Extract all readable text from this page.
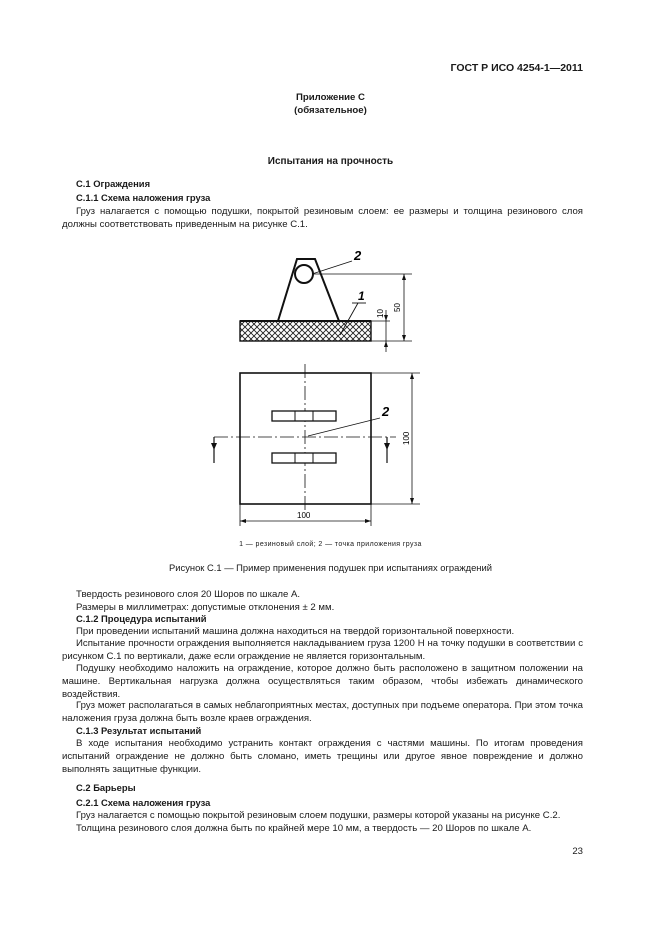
ГОСТ Р ИСО 4254-1—2011
Приложение С
(обязательное)
Испытания на прочность
С.1 Ограждения
С.1.1 Схема наложения груза
Груз налагается с помощью подушки, покрытой резиновым слоем: ее размеры и толщина резинового слоя должны соответствовать приведенным на рисунке С.1.
1
2
50
10
2
100
100
1 — резиновый слой; 2 — точка приложения груза
Рисунок С.1 — Пример применения подушек при испытаниях ограждений
Твердость резинового слоя 20 Шоров по шкале А.
Размеры в миллиметрах: допустимые отклонения ± 2 мм.
С.1.2 Процедура испытаний
При проведении испытаний машина должна находиться на твердой горизонтальной поверхности.
Испытание прочности ограждения выполняется накладыванием груза 1200 Н на точку подушки в соответствии с рисунком С.1 по вертикали, даже если ограждение не является горизонтальным.
Подушку необходимо наложить на ограждение, которое должно быть расположено в защитном положении на машине. Вертикальная нагрузка должна осуществляться таким образом, чтобы избежать динамического воздействия.
Груз может располагаться в самых неблагоприятных местах, доступных при подъеме оператора. При этом точка наложения груза должна быть возле краев ограждения.
С.1.3 Результат испытаний
В ходе испытания необходимо устранить контакт ограждения с частями машины. По итогам проведения испытаний ограждение не должно быть сломано, иметь трещины или другое явное повреждение и должно выполнять защитные функции.
С.2 Барьеры
С.2.1 Схема наложения груза
Груз налагается с помощью покрытой резиновым слоем подушки, размеры которой указаны на рисунке С.2.
Толщина резинового слоя должна быть по крайней мере 10 мм, а твердость — 20 Шоров по шкале А.
23
